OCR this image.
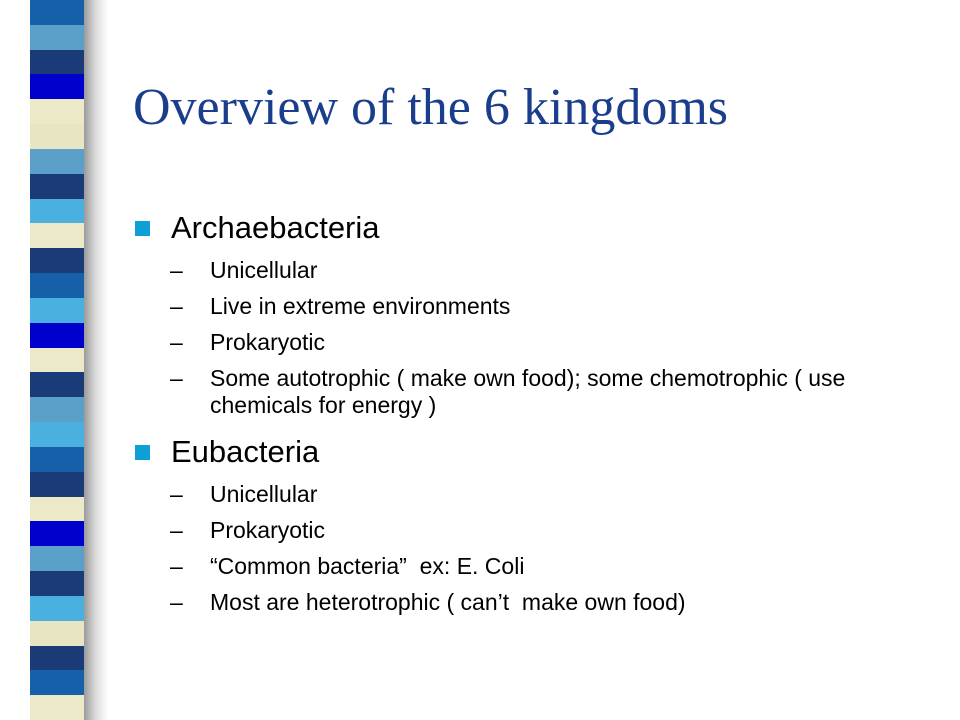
Overview of the 6 kingdoms
Archaebacteria
– Unicellular
– Live in extreme environments
– Prokaryotic
– Some autotrophic ( make own food); some chemotrophic ( use chemicals for energy )
Eubacteria
– Unicellular
– Prokaryotic
– “Common bacteria”  ex: E. Coli
– Most are heterotrophic ( can’t  make own food)
